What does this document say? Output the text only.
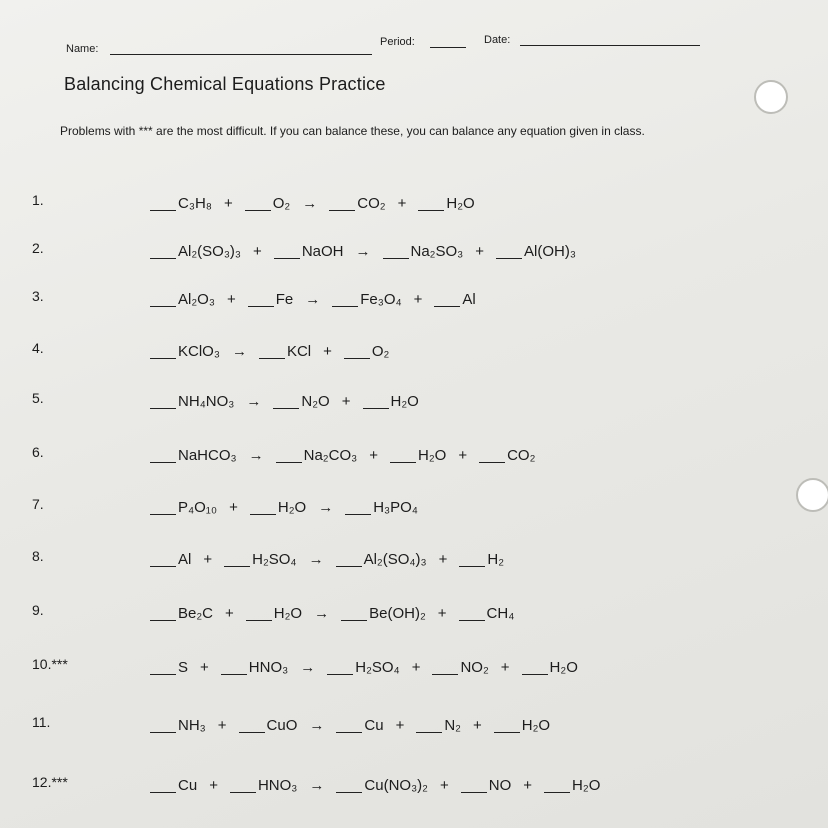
Name:
Period:	Date:
Balancing Chemical Equations Practice
Problems with *** are the most difficult. If you can balance these, you can balance any equation given in class.
1.	C₃H₈ +	O₂ →	CO₂ +	H₂O
2.	Al₂(SO₃)₃ +	NaOH →	Na₂SO₃ +	Al(OH)₃
3.	Al₂O₃ +	Fe →	Fe₃O₄ +	Al
4.	KClO₃ →	KCl +	O₂
5.	NH₄NO₃ →	N₂O +	H₂O
6.	NaHCO₃ →	Na₂CO₃ +	H₂O +	CO₂
7.	P₄O₁₀ +	H₂O →	H₃PO₄
8.	Al +	H₂SO₄ →	Al₂(SO₄)₃ +	H₂
9.	Be₂C +	H₂O →	Be(OH)₂ +	CH₄
10.***	S +	HNO₃ →	H₂SO₄ +	NO₂ +	H₂O
11.	NH₃ +	CuO →	Cu +	N₂ +	H₂O
12.***	Cu +	HNO₃ →	Cu(NO₃)₂ +	NO +	H₂O
